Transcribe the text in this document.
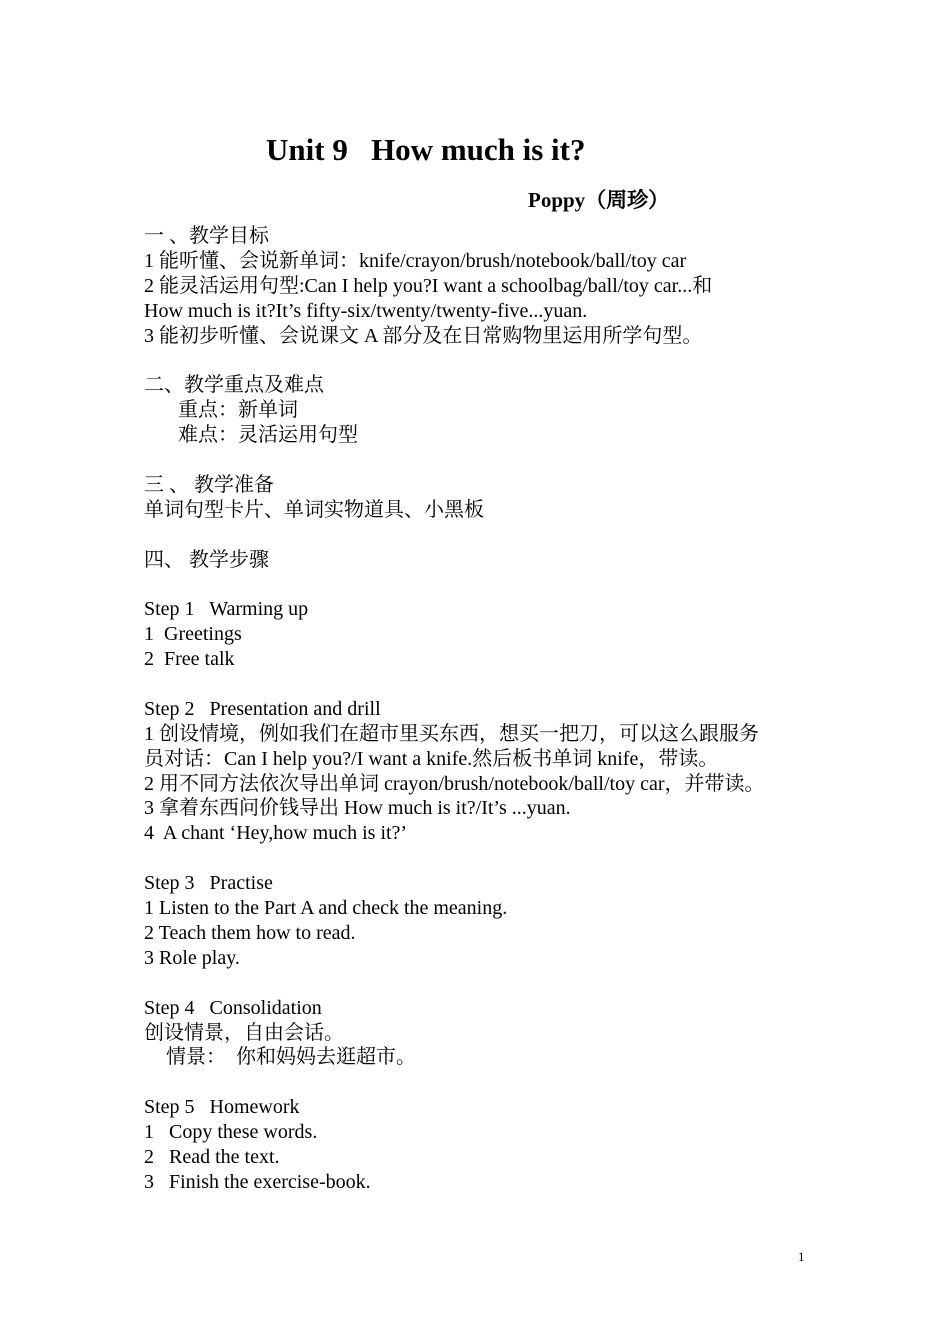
Unit 9   How much is it?
Poppy（周珍）
一 、教学目标
1 能听懂、会说新单词：knife/crayon/brush/notebook/ball/toy car
2 能灵活运用句型:Can I help you?I want a schoolbag/ball/toy car...和
How much is it?It’s fifty-six/twenty/twenty-five...yuan.
3 能初步听懂、会说课文 A 部分及在日常购物里运用所学句型。
二、教学重点及难点
重点：新单词
难点：灵活运用句型
三 、 教学准备
单词句型卡片、单词实物道具、小黑板
四、 教学步骤
Step 1   Warming up
1  Greetings
2  Free talk
Step 2   Presentation and drill
1 创设情境，例如我们在超市里买东西，想买一把刀，可以这么跟服务
员对话：Can I help you?/I want a knife.然后板书单词 knife，带读。
2 用不同方法依次导出单词 crayon/brush/notebook/ball/toy car，并带读。
3 拿着东西问价钱导出 How much is it?/It’s ...yuan.
4  A chant ‘Hey,how much is it?’
Step 3   Practise
1 Listen to the Part A and check the meaning.
2 Teach them how to read.
3 Role play.
Step 4   Consolidation
创设情景，自由会话。
情景：  你和妈妈去逛超市。
Step 5   Homework
1   Copy these words.
2   Read the text.
3   Finish the exercise-book.
1
